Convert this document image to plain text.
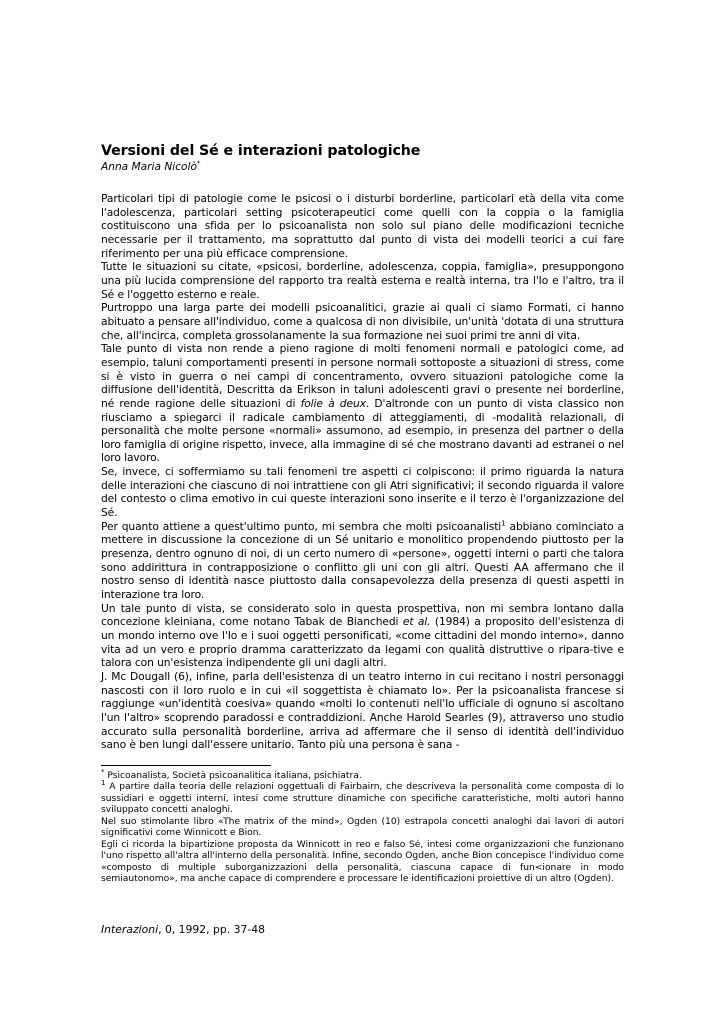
Versioni del Sé e interazioni patologiche
Anna Maria Nicolò*

Particolari tipi di patologie come le psicosi o i disturbi borderline, particolari età della vita come l'adolescenza, particolari setting psicoterapeutici come quelli con la coppia o la famiglia costituiscono una sfida per lo psicoanalista non solo sul piano delle modificazioni tecniche necessarie per il trattamento, ma soprattutto dal punto di vista dei modelli teorici a cui fare riferimento per una più efficace comprensione.

Tutte le situazioni su citate, «psicosi, borderline, adolescenza, coppia, famiglia», presuppongono una più lucida comprensione del rapporto tra realtà esterna e realtà interna, tra l'Io e l'altro, tra il Sé e l'oggetto esterno e reale.

Purtroppo una larga parte dei modelli psicoanalitici, grazie ai quali ci siamo Formati, ci hanno abituato a pensare all'individuo, come a qualcosa di non divisibile, un'unità 'dotata di una struttura che, all'incirca, completa grossolanamente la sua formazione nei suoi primi tre anni di vita.

Tale punto di vista non rende a pieno ragione di molti fenomeni normali e patologici come, ad esempio, taluni comportamenti presenti in persone normali sottoposte a situazioni di stress, come si è visto in guerra o nei campi di concentramento, ovvero situazioni patologiche come la diffusione dell'identità, Descritta da Erikson in taluni adolescenti gravi o presente nei borderline, né rende ragione delle situazioni di folie à deux. D'altronde con un punto di vista classico non riusciamo a spiegarci il radicale cambiamento di atteggiamenti, di -modalità relazionali, di personalità che molte persone «normali» assumono, ad esempio, in presenza del partner o della loro famiglia di origine rispetto, invece, alla immagine di sé che mostrano davanti ad estranei o nel loro lavoro.

Se, invece, ci soffermiamo su tali fenomeni tre aspetti ci colpiscono: il primo riguarda la natura delle interazioni che ciascuno di noi intrattiene con gli Atri significativi; il secondo riguarda il valore del contesto o clima emotivo in cui queste interazioni sono inserite e il terzo è l'organizzazione del Sé.

Per quanto attiene a quest'ultimo punto, mi sembra che molti psicoanalisti$^1$ abbiano cominciato a mettere in discussione la concezione di un Sé unitario e monolitico propendendo piuttosto per la presenza, dentro ognuno di noi, di un certo numero di «persone», oggetti interni o parti che talora sono addirittura in contrapposizione o conflitto gli uni con gli altri. Questi AA affermano che il nostro senso di identità nasce piuttosto dalla consapevolezza della presenza di questi aspetti in interazione tra loro.

Un tale punto di vista, se considerato solo in questa prospettiva, non mi sembra lontano dalla concezione kleiniana, come notano Tabak de Bianchedi et al. (1984) a proposito dell'esistenza di un mondo interno ove l'Io e i suoi oggetti personificati, «come cittadini del mondo interno», danno vita ad un vero e proprio dramma caratterizzato da legami con qualità distruttive o ripara-tive e talora con un'esistenza indipendente gli uni dagli altri.

J. Mc Dougall (6), infine, parla dell'esistenza di un teatro interno in cui recitano i nostri personaggi nascosti con il loro ruolo e in cui «il soggettista è chiamato Io». Per la psicoanalista francese si raggiunge «un'identità coesiva» quando «molti Io contenuti nell'Io ufficiale di ognuno si ascoltano l'un l'altro» scoprendo paradossi e contraddizioni. Anche Harold Searles (9), attraverso uno studio accurato sulla personalità borderline, arriva ad affermare che il senso di identità dell'individuo sano è ben lungi dall'essere unitario. Tanto più una persona è sana -

* Psicoanalista, Società psicoanalitica italiana, psichiatra.

$^1$ A partire dalla teoria delle relazioni oggettuali di Fairbairn, che descriveva la personalità come composta di Io sussidiari e oggetti interni, intesi come strutture dinamiche con specifiche caratteristiche, molti autori hanno sviluppato concetti analoghi.

Nel suo stimolante libro «The matrix of the mind», Ogden (10) estrapola concetti analoghi dai lavori di autori significativi come Winnicott e Bion.

Egli ci ricorda la bipartizione proposta da Winnicott in reo e falso Sé, intesi come organizzazioni che funzionano l'uno rispetto all'altra all'interno della personalità. Infine, secondo Ogden, anche Bion concepisce l'individuo come «composto di multiple suborganizzazioni della personalità, ciascuna capace di fun<ionare in modo semiautonomo», ma anche capace di comprendere e processare le identificazioni proiettive di un altro (Ogden).

Interazioni, 0, 1992, pp. 37-48
